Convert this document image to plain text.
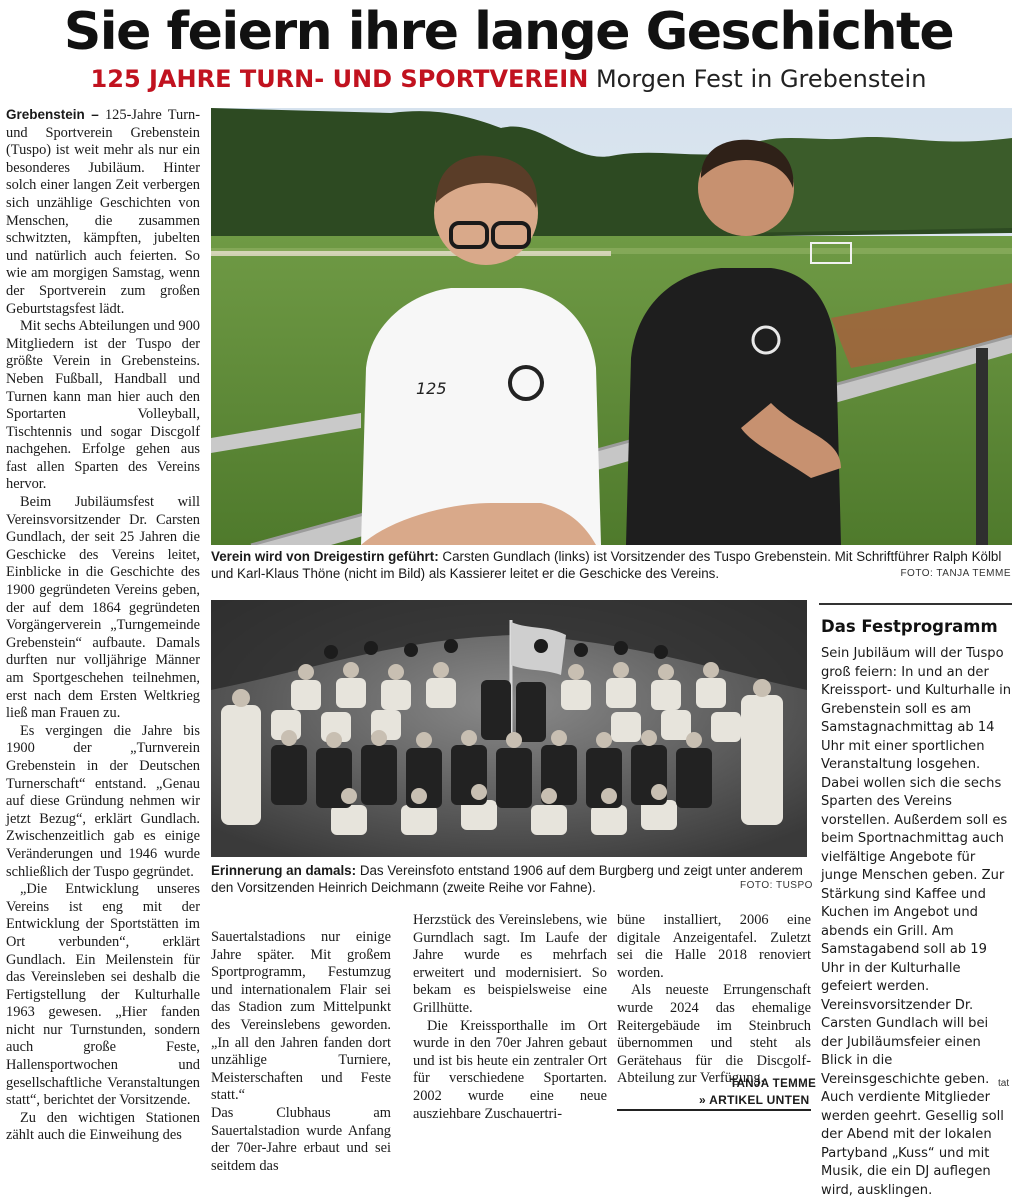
Sie feiern ihre lange Geschichte
125 JAHRE TURN- UND SPORTVEREIN Morgen Fest in Grebenstein

Grebenstein – 125-Jahre Turn- und Sportverein Grebenstein (Tuspo) ist weit mehr als nur ein besonderes Jubiläum. Hinter solch einer langen Zeit verbergen sich unzählige Geschichten von Menschen, die zusammen schwitzten, kämpften, jubelten und natürlich auch feierten. So wie am morgigen Samstag, wenn der Sportverein zum großen Geburtstagsfest lädt.

Mit sechs Abteilungen und 900 Mitgliedern ist der Tuspo der größte Verein in Grebensteins. Neben Fußball, Handball und Turnen kann man hier auch den Sportarten Volleyball, Tischtennis und sogar Discgolf nachgehen. Erfolge gehen aus fast allen Sparten des Vereins hervor.

Beim Jubiläumsfest will Vereinsvorsitzender Dr. Carsten Gundlach, der seit 25 Jahren die Geschicke des Vereins leitet, Einblicke in die Geschichte des 1900 gegründeten Vereins geben, der auf dem 1864 gegründeten Vorgängerverein „Turngemeinde Grebenstein“ aufbaute. Damals durften nur volljährige Männer am Sportgeschehen teilnehmen, erst nach dem Ersten Weltkrieg ließ man Frauen zu.

Es vergingen die Jahre bis 1900 der „Turnverein Grebenstein in der Deutschen Turnerschaft“ entstand. „Genau auf diese Gründung nehmen wir jetzt Bezug“, erklärt Gundlach. Zwischenzeitlich gab es einige Veränderungen und 1946 wurde schließlich der Tuspo gegründet.

„Die Entwicklung unseres Vereins ist eng mit der Entwicklung der Sportstätten im Ort verbunden“, erklärt Gundlach. Ein Meilenstein für das Vereinsleben sei deshalb die Fertigstellung der Kulturhalle 1963 gewesen. „Hier fanden nicht nur Turnstunden, sondern auch große Feste, Hallensportwochen und gesellschaftliche Veranstaltungen statt“, berichtet der Vorsitzende.

Zu den wichtigen Stationen zählt auch die Einweihung des

125
Verein wird von Dreigestirn geführt: Carsten Gundlach (links) ist Vorsitzender des Tuspo Grebenstein. Mit Schriftführer Ralph Kölbl und Karl-Klaus Thöne (nicht im Bild) als Kassierer leitet er die Geschicke des Vereins.	FOTO: TANJA TEMME
Erinnerung an damals: Das Vereinsfoto entstand 1906 auf dem Burgberg und zeigt unter anderem den Vorsitzenden Heinrich Deichmann (zweite Reihe vor Fahne).	FOTO: TUSPO

Sauertalstadions nur einige Jahre später. Mit großem Sportprogramm, Festumzug und internationalem Flair sei das Stadion zum Mittelpunkt des Vereinslebens geworden. „In all den Jahren fanden dort unzählige Turniere, Meisterschaften und Feste statt.“

Das Clubhaus am Sauertalstadion wurde Anfang der 70er-Jahre erbaut und sei seitdem das

Herzstück des Vereinslebens, wie Gurndlach sagt. Im Laufe der Jahre wurde es mehrfach erweitert und modernisiert. So bekam es beispielsweise eine Grillhütte.

Die Kreissporthalle im Ort wurde in den 70er Jahren gebaut und ist bis heute ein zentraler Ort für verschiedene Sportarten. 2002 wurde eine neue ausziehbare Zuschauertri-

büne installiert, 2006 eine digitale Anzeigentafel. Zuletzt sei die Halle 2018 renoviert worden.

Als neueste Errungenschaft wurde 2024 das ehemalige Reitergebäude im Steinbruch übernommen und steht als Gerätehaus für die Discgolf-Abteilung zur Verfügung.

TANJA TEMME
» ARTIKEL UNTEN
Das Festprogramm
Sein Jubiläum will der Tuspo groß feiern: In und an der Kreissport- und Kulturhalle in Grebenstein soll es am Samstagnachmittag ab 14 Uhr mit einer sportlichen Veranstaltung losgehen. Dabei wollen sich die sechs Sparten des Vereins vorstellen. Außerdem soll es beim Sportnachmittag auch vielfältige Angebote für junge Menschen geben. Zur Stärkung sind Kaffee und Kuchen im Angebot und abends ein Grill. Am Samstagabend soll ab 19 Uhr in der Kulturhalle gefeiert werden. Vereinsvorsitzender Dr. Carsten Gundlach will bei der Jubiläumsfeier einen Blick in die Vereinsgeschichte geben. Auch verdiente Mitglieder werden geehrt. Gesellig soll der Abend mit der lokalen Partyband „Kuss“ und mit Musik, die ein DJ auflegen wird, ausklingen.
tat
